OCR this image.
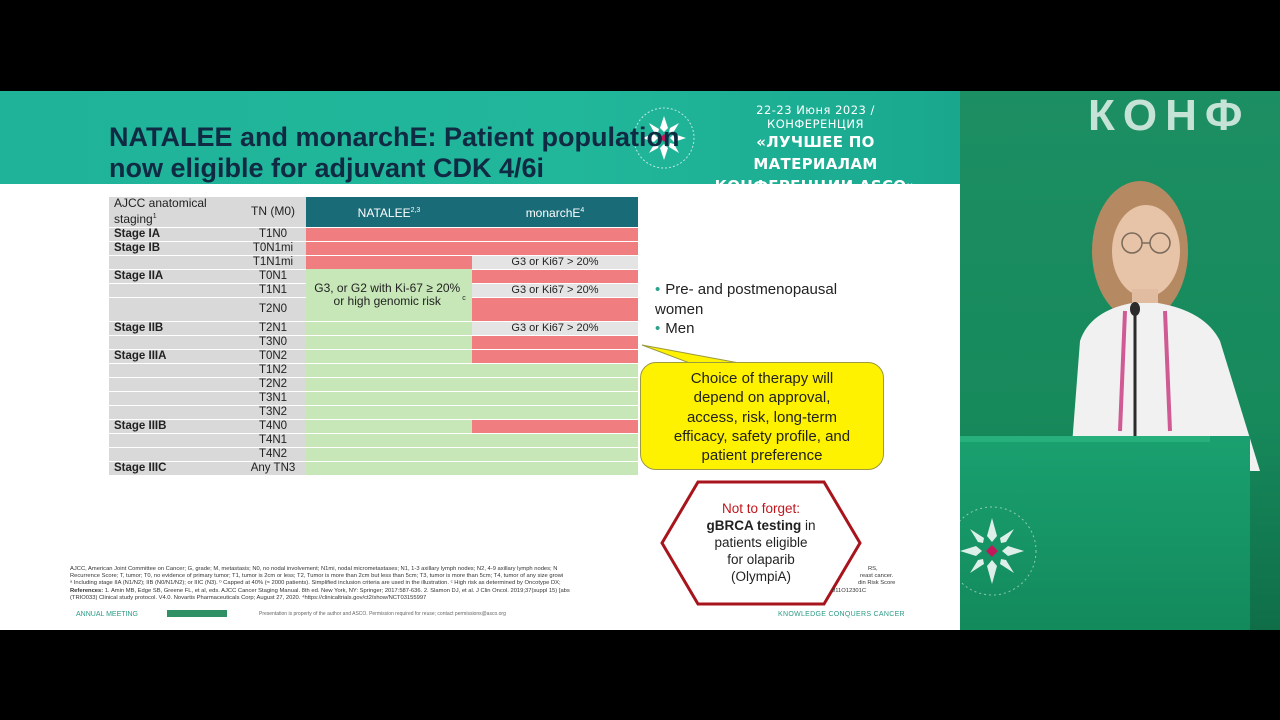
22-23 Июня 2023 / КОНФЕРЕНЦИЯ
«ЛУЧШЕЕ ПО МАТЕРИАЛАМ
КОНФЕРЕНЦИИ ASCO»
NATALEE and monarchE: Patient population
now eligible for adjuvant CDK 4/6i
AJCC anatomical staging$^1$	TN (M0)	NATALEE$^{2,3}$	monarchE$^4$
Stage IA	T1N0		
Stage IB	T0N1mi		
	T1N1mi		G3 or Ki67 > 20%
Stage IIA	T0N1		
	T1N1	G3, or G2 with Ki-67 ≥ 20% or high genomic risk $^c$	G3 or Ki67 > 20%
	T2N0		
Stage IIB	T2N1		G3 or Ki67 > 20%
	T3N0		
Stage IIIA	T0N2		
	T1N2		
	T2N2		
	T3N1		
	T3N2		
Stage IIIB	T4N0		
	T4N1		
	T4N2		
Stage IIIC	Any TN3		
• Pre- and postmenopausal women
• Men
Choice of therapy will
depend on approval,
access, risk, long-term
efficacy, safety profile, and
patient preference
Not to forget:
gBRCA testing in
patients eligible
for olaparib
(OlympiA)
AJCC, American Joint Committee on Cancer; G, grade; M, metastasis; N0, no nodal involvement; N1mi, nodal micrometastases; N1, 1-3 axillary lymph nodes; N2, 4-9 axillary lymph nodes; N
Recurrence Score; T, tumor; T0, no evidence of primary tumor; T1, tumor is 2cm or less; T2, Tumor is more than 2cm but less than 5cm; T3, tumor is more than 5cm; T4, tumor of any size growi
ᵃ Including stage IIA (N1/N2); IIB (N0/N1/N2); or IIIC (N3). ᵇ Capped at 40% (≈ 2000 patients). Simplified inclusion criteria are used in the illustration. ᶜ High risk as determined by Oncotype DX;
References: 1. Amin MB, Edge SB, Greene FL, et al, eds. AJCC Cancer Staging Manual. 8th ed. New York, NY: Springer; 2017:587-636. 2. Slamon DJ, et al. J Clin Oncol. 2019;37(suppl 15) [abs
(TRIO033) Clinical study protocol. V4.0. Novartis Pharmaceuticals Corp; August 27, 2020. ⁴https://clinicaltrials.gov/ct2/show/NCT03155997
RS,
reast cancer.
din Risk Score
011O12301C
ANNUAL MEETING	Presentation is property of the author and ASCO. Permission required for reuse; contact permissions@asco.org	KNOWLEDGE CONQUERS CANCER
КОНФ
